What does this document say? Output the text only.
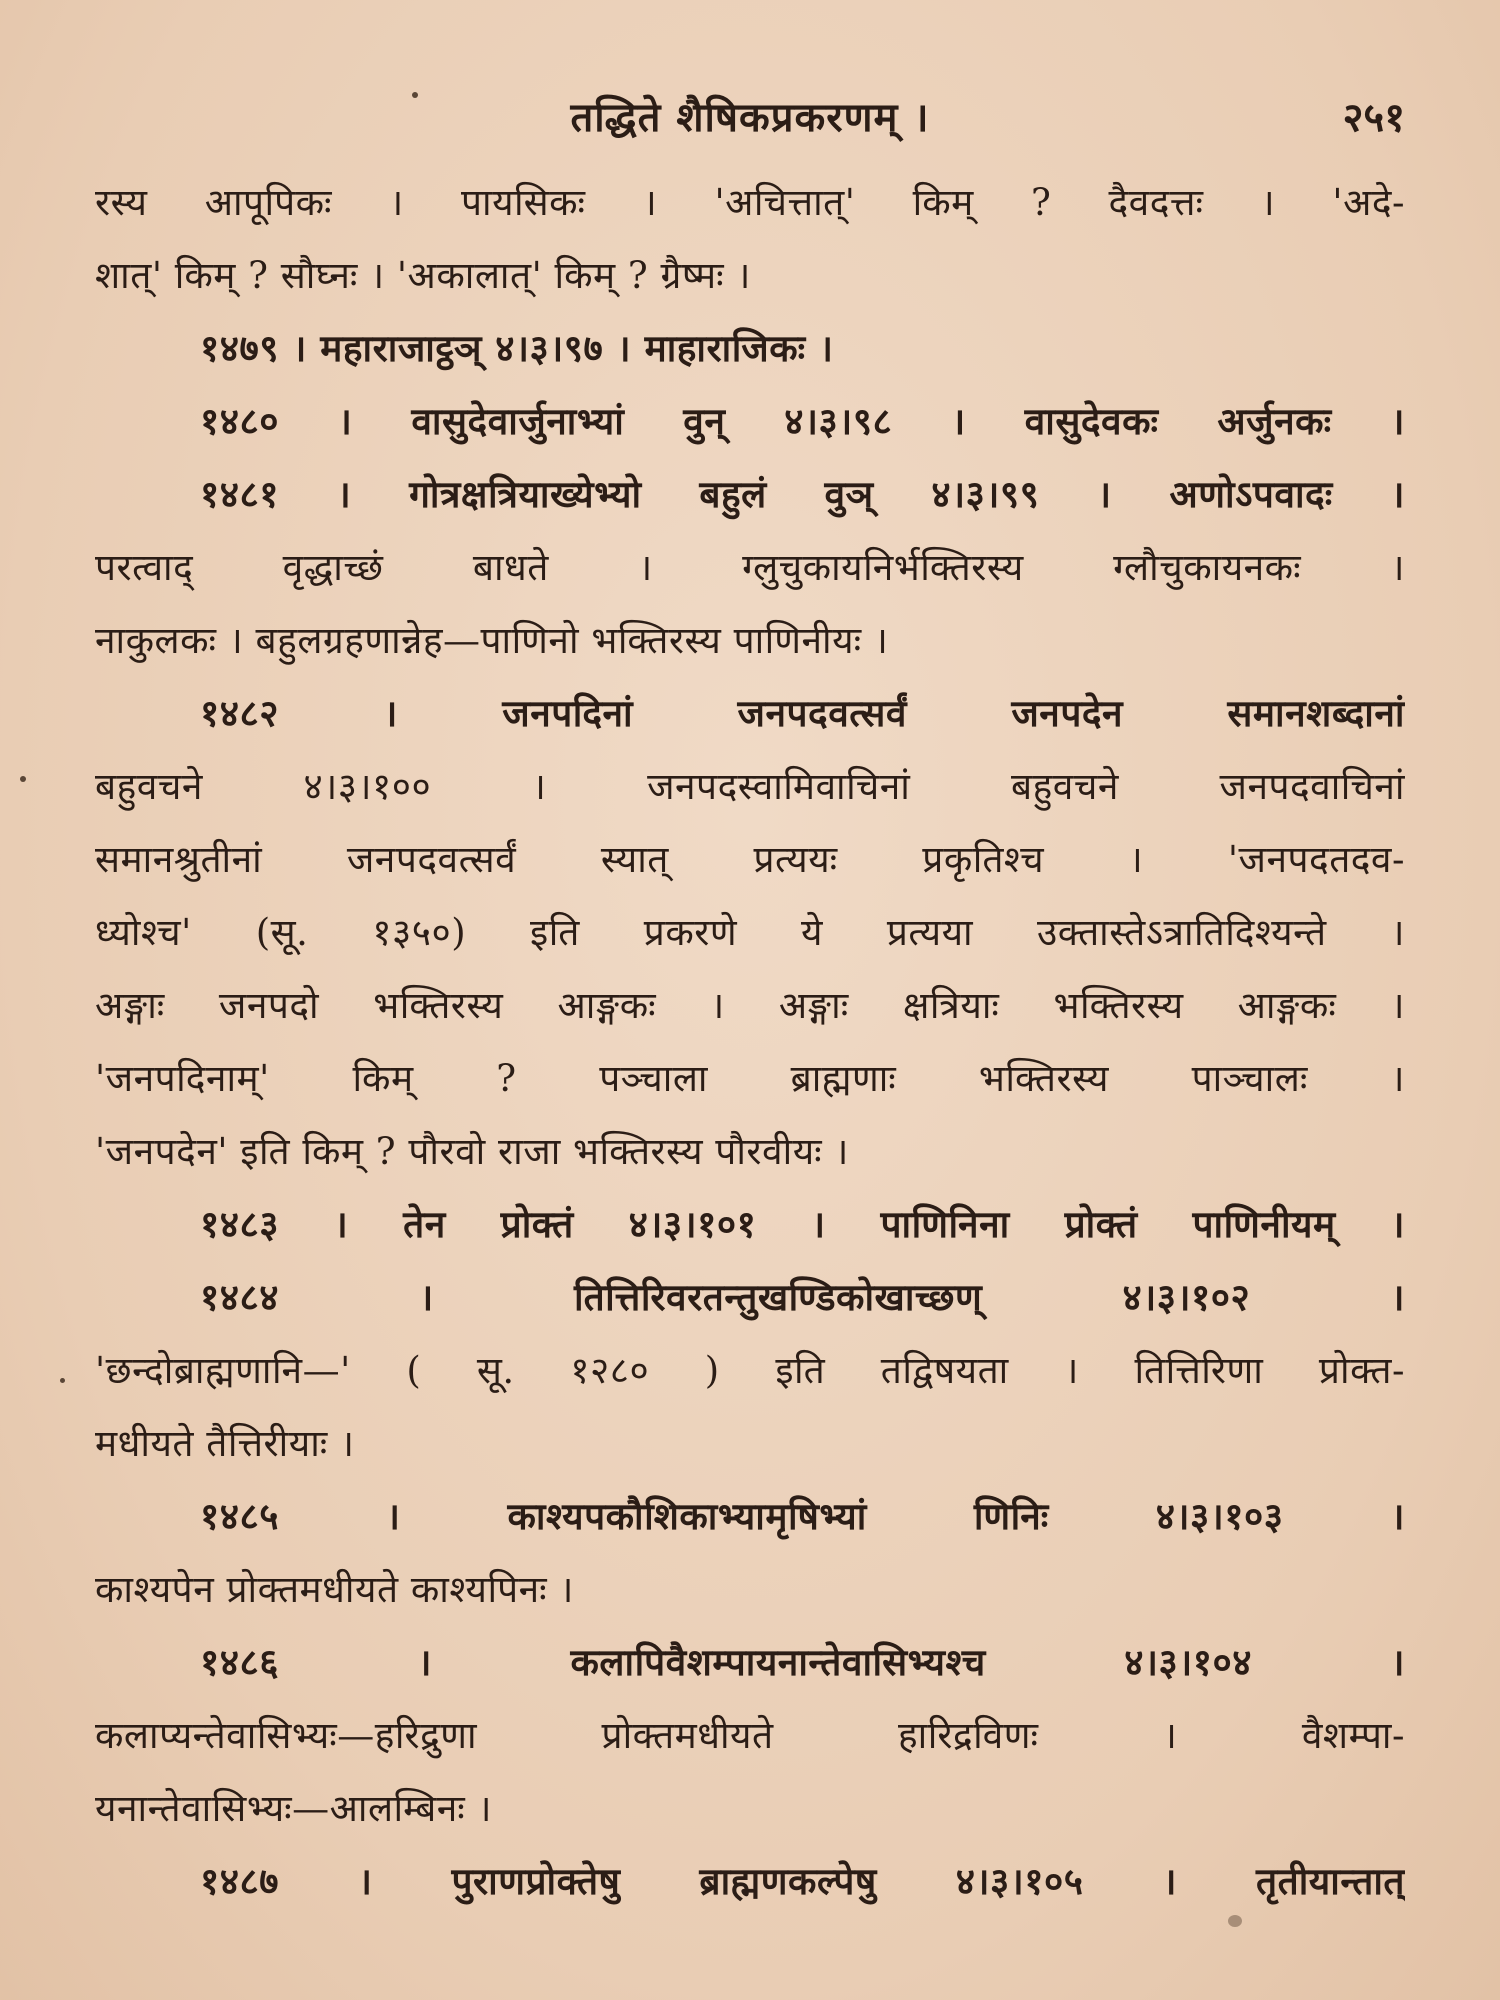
तद्धिते शैषिकप्रकरणम् ।	२५१
रस्य आपूपिकः । पायसिकः । 'अचित्तात्' किम् ? दैवदत्तः । 'अदे-
शात्' किम् ? सौघ्नः । 'अकालात्' किम् ? ग्रैष्मः ।
१४७९ । महाराजाट्ठञ् ४।३।९७ । माहाराजिकः ।
१४८० । वासुदेवार्जुनाभ्यां वुन् ४।३।९८ । वासुदेवकः अर्जुनकः ।
१४८१ । गोत्रक्षत्रियाख्येभ्यो बहुलं वुञ् ४।३।९९ । अणोऽपवादः ।
परत्वाद् वृद्धाच्छं बाधते । ग्लुचुकायनिर्भक्तिरस्य ग्लौचुकायनकः ।
नाकुलकः । बहुलग्रहणान्नेह—पाणिनो भक्तिरस्य पाणिनीयः ।
१४८२ । जनपदिनां जनपदवत्सर्वं जनपदेन समानशब्दानां
बहुवचने ४।३।१०० । जनपदस्वामिवाचिनां बहुवचने जनपदवाचिनां
समानश्रुतीनां जनपदवत्सर्वं स्यात् प्रत्ययः प्रकृतिश्च । 'जनपदतदव-
ध्योश्च' (सू. १३५०) इति प्रकरणे ये प्रत्यया उक्तास्तेऽत्रातिदिश्यन्ते ।
अङ्गाः जनपदो भक्तिरस्य आङ्गकः । अङ्गाः क्षत्रियाः भक्तिरस्य आङ्गकः ।
'जनपदिनाम्' किम् ? पञ्चाला ब्राह्मणाः भक्तिरस्य पाञ्चालः ।
'जनपदेन' इति किम् ? पौरवो राजा भक्तिरस्य पौरवीयः ।
१४८३ । तेन प्रोक्तं ४।३।१०१ । पाणिनिना प्रोक्तं पाणिनीयम् ।
१४८४ । तित्तिरिवरतन्तुखण्डिकोखाच्छण् ४।३।१०२ ।
'छन्दोब्राह्मणानि—' ( सू. १२८० ) इति तद्विषयता । तित्तिरिणा प्रोक्त-
मधीयते तैत्तिरीयाः ।
१४८५ । काश्यपकौशिकाभ्यामृषिभ्यां णिनिः ४।३।१०३ ।
काश्यपेन प्रोक्तमधीयते काश्यपिनः ।
१४८६ । कलापिवैशम्पायनान्तेवासिभ्यश्च ४।३।१०४ ।
कलाप्यन्तेवासिभ्यः—हरिद्रुणा प्रोक्तमधीयते हारिद्रविणः । वैशम्पा-
यनान्तेवासिभ्यः—आलम्बिनः ।
१४८७ । पुराणप्रोक्तेषु ब्राह्मणकल्पेषु ४।३।१०५ । तृतीयान्तात्
